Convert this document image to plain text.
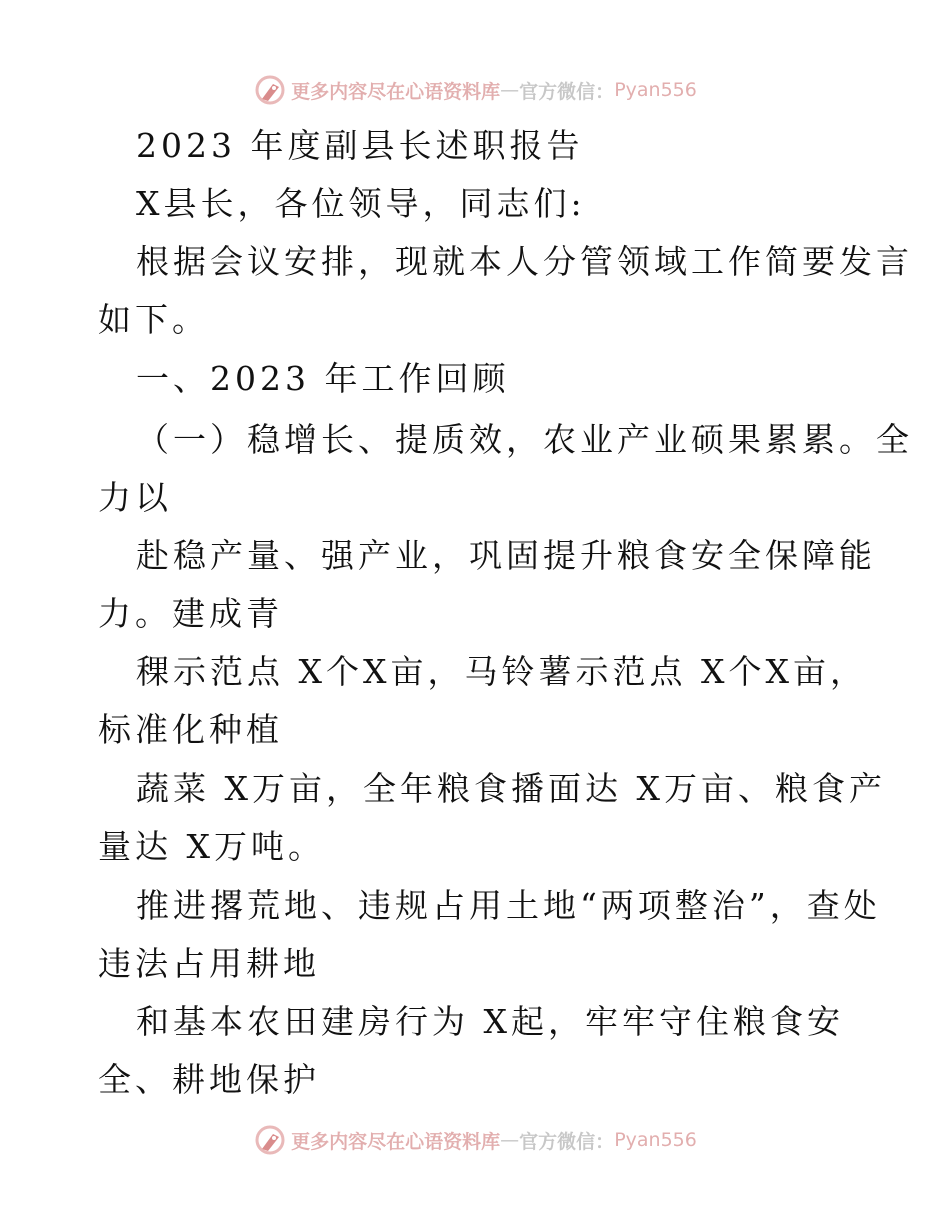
更多内容尽在心语资料库 — 官方微信： Pyan556
2023 年度副县长述职报告
X县长，各位领导，同志们:
根据会议安排，现就本人分管领域工作简要发言
如下。
一、2023 年工作回顾
（一）稳增长、提质效，农业产业硕果累累。全
力以
赴稳产量、强产业，巩固提升粮食安全保障能
力。建成青
稞示范点 X个X亩，马铃薯示范点 X个X亩，
标准化种植
蔬菜 X万亩，全年粮食播面达 X万亩、粮食产
量达 X万吨。
推进撂荒地、违规占用土地“两项整治”，查处
违法占用耕地
和基本农田建房行为 X起，牢牢守住粮食安
全、耕地保护
更多内容尽在心语资料库 — 官方微信： Pyan556
